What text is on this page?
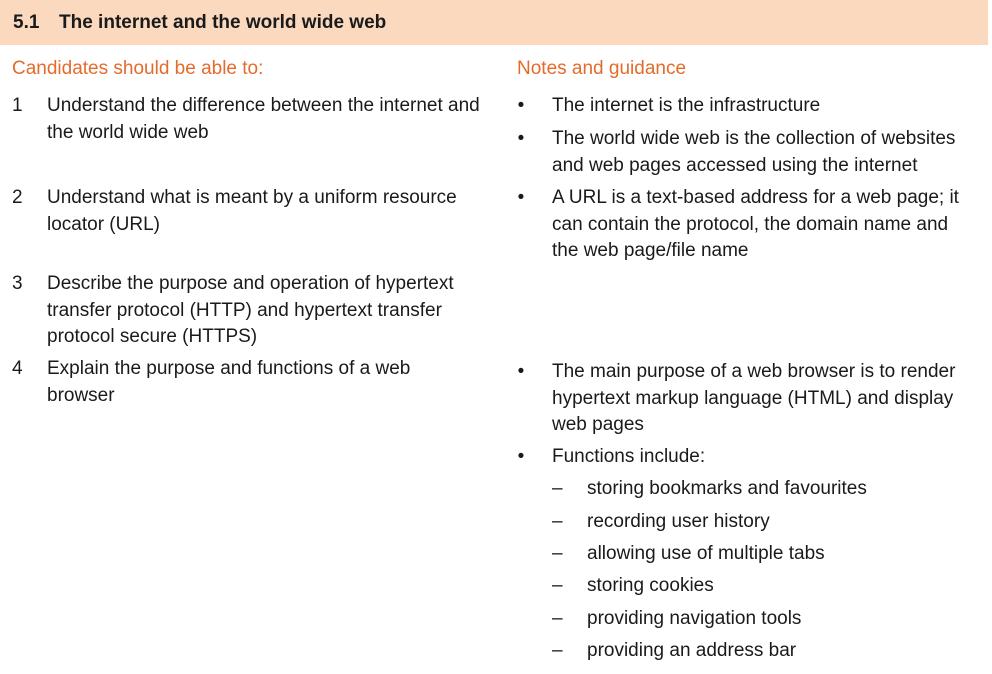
5.1 The internet and the world wide web
Candidates should be able to:	Notes and guidance
1 Understand the difference between the internet and the world wide web
2 Understand what is meant by a uniform resource locator (URL)
3 Describe the purpose and operation of hypertext transfer protocol (HTTP) and hypertext transfer protocol secure (HTTPS)
4 Explain the purpose and functions of a web browser
• The internet is the infrastructure
• The world wide web is the collection of websites and web pages accessed using the internet
• A URL is a text-based address for a web page; it can contain the protocol, the domain name and the web page/file name
• The main purpose of a web browser is to render hypertext markup language (HTML) and display web pages
• Functions include:
– storing bookmarks and favourites
– recording user history
– allowing use of multiple tabs
– storing cookies
– providing navigation tools
– providing an address bar
